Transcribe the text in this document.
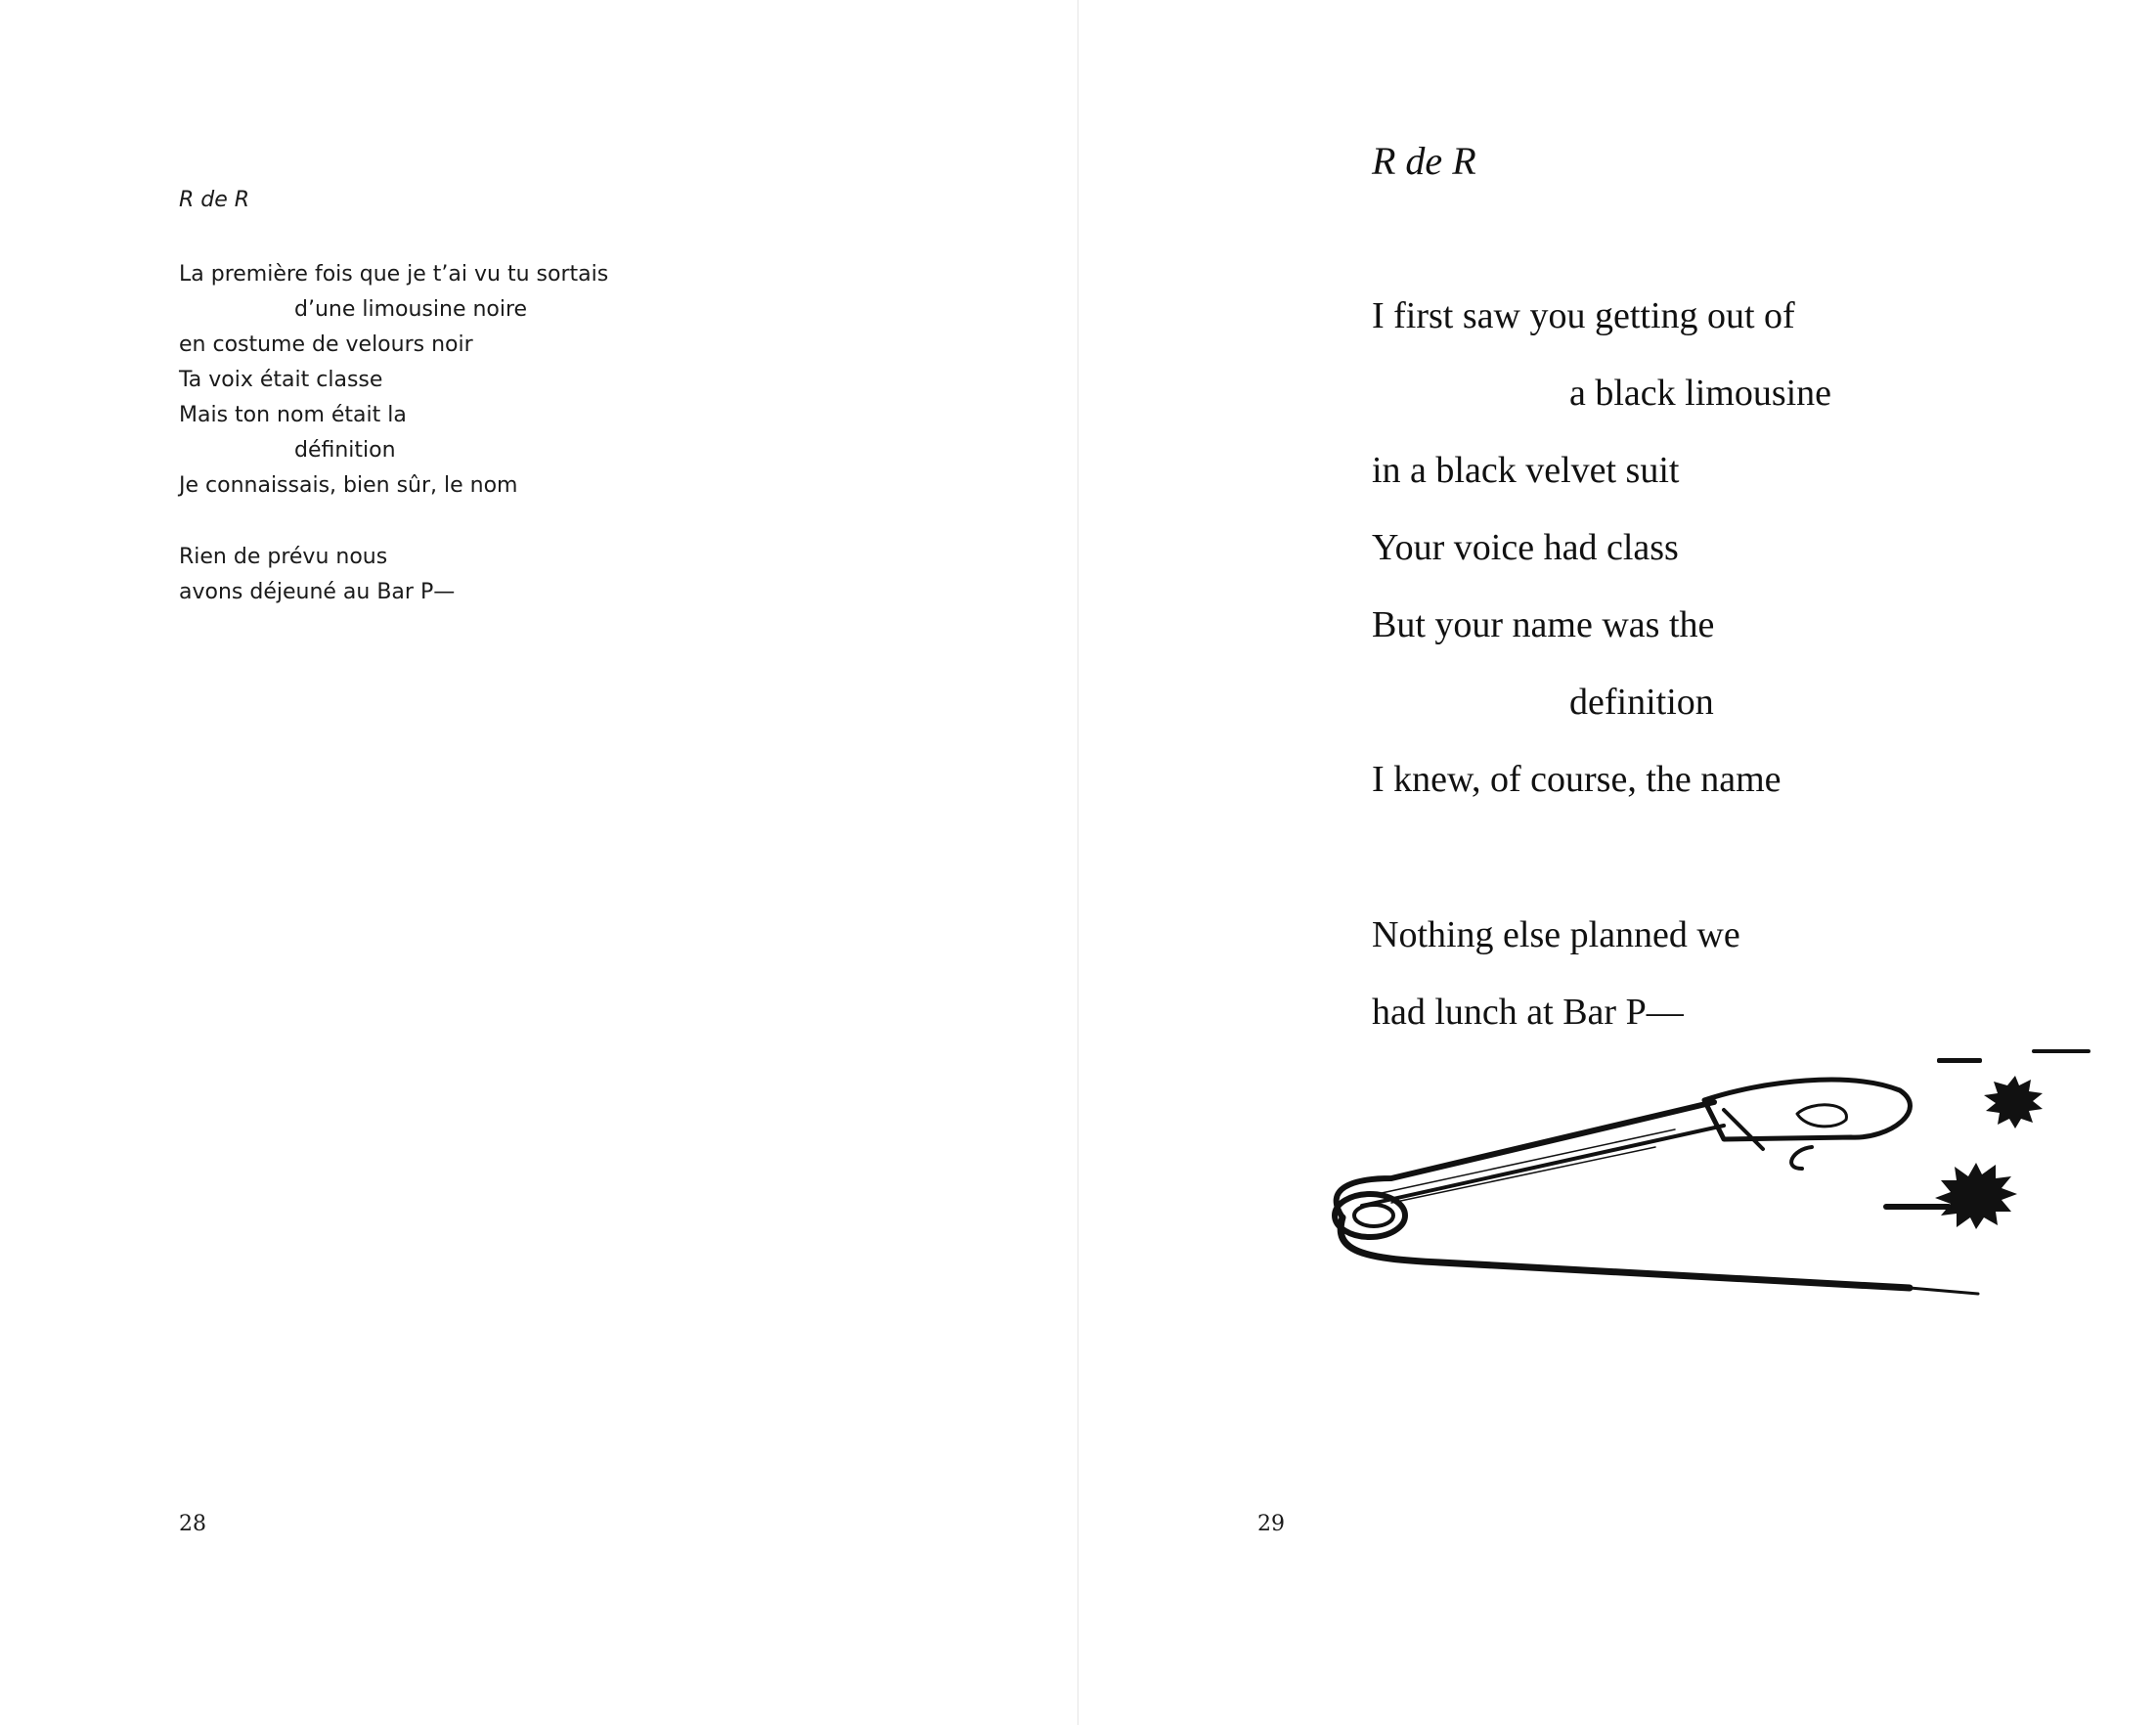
R de R
La première fois que je t’ai vu tu sortais
d’une limousine noire
en costume de velours noir
Ta voix était classe
Mais ton nom était la
définition
Je connaissais, bien sûr, le nom
Rien de prévu nous
avons déjeuné au Bar P—
28
R de R
I first saw you getting out of
a black limousine
in a black velvet suit
Your voice had class
But your name was the
definition
I knew, of course, the name
Nothing else planned we
had lunch at Bar P—
29
